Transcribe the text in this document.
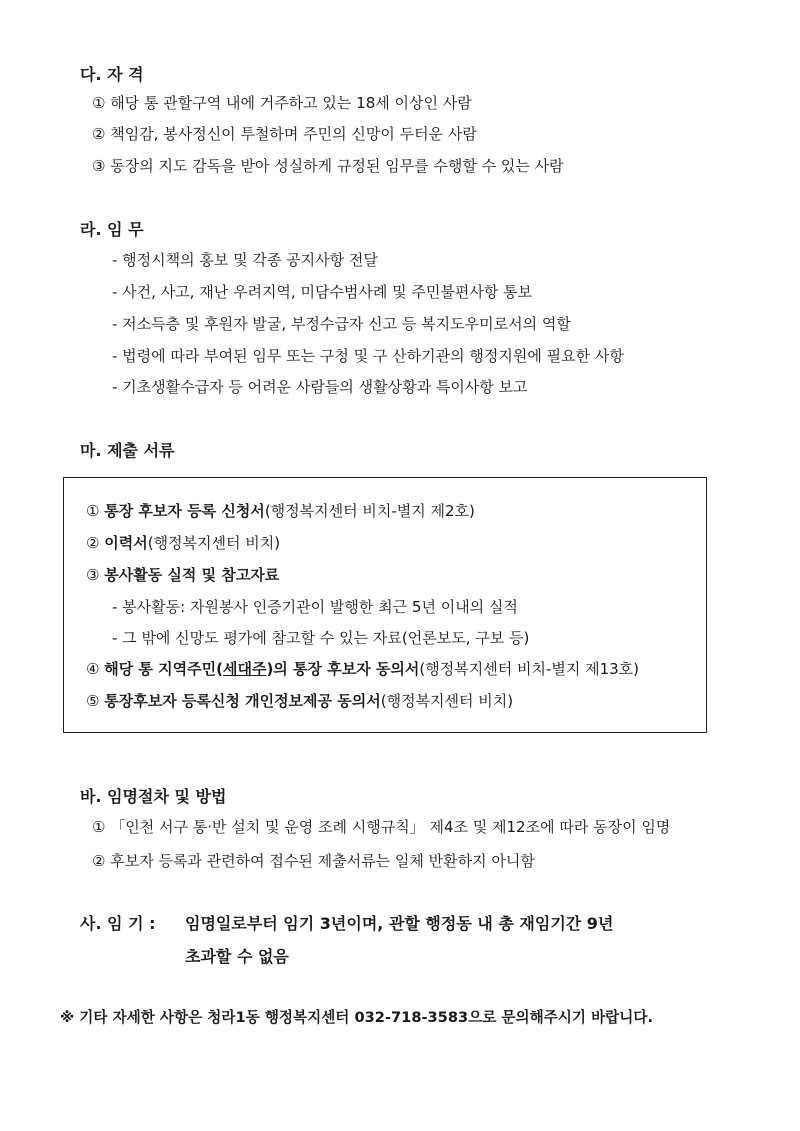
다. 자 격
① 해당 통 관할구역 내에 거주하고 있는 18세 이상인 사람
② 책임감, 봉사정신이 투철하며 주민의 신망이 두터운 사람
③ 동장의 지도 감독을 받아 성실하게 규정된 임무를 수행할 수 있는 사람
라. 임 무
- 행정시책의 홍보 및 각종 공지사항 전달
- 사건, 사고, 재난 우려지역, 미담수범사례 및 주민불편사항 통보
- 저소득층 및 후원자 발굴, 부정수급자 신고 등 복지도우미로서의 역할
- 법령에 따라 부여된 임무 또는 구청 및 구 산하기관의 행정지원에 필요한 사항
- 기초생활수급자 등 어려운 사람들의 생활상황과 특이사항 보고
마. 제출 서류
① 통장 후보자 등록 신청서(행정복지센터 비치-별지 제2호)
② 이력서(행정복지센터 비치)
③ 봉사활동 실적 및 참고자료
- 봉사활동: 자원봉사 인증기관이 발행한 최근 5년 이내의 실적
- 그 밖에 신망도 평가에 참고할 수 있는 자료(언론보도, 구보 등)
④ 해당 통 지역주민(세대주)의 통장 후보자 동의서(행정복지센터 비치-별지 제13호)
⑤ 통장후보자 등록신청 개인정보제공 동의서(행정복지센터 비치)
바. 임명절차 및 방법
① 「인천 서구 통·반 설치 및 운영 조례 시행규칙」 제4조 및 제12조에 따라 동장이 임명
② 후보자 등록과 관련하여 접수된 제출서류는 일체 반환하지 아니함
사. 임 기 : 임명일로부터 임기 3년이며, 관할 행정동 내 총 재임기간 9년
초과할 수 없음
※ 기타 자세한 사항은 청라1동 행정복지센터 032-718-3583으로 문의해주시기 바랍니다.
